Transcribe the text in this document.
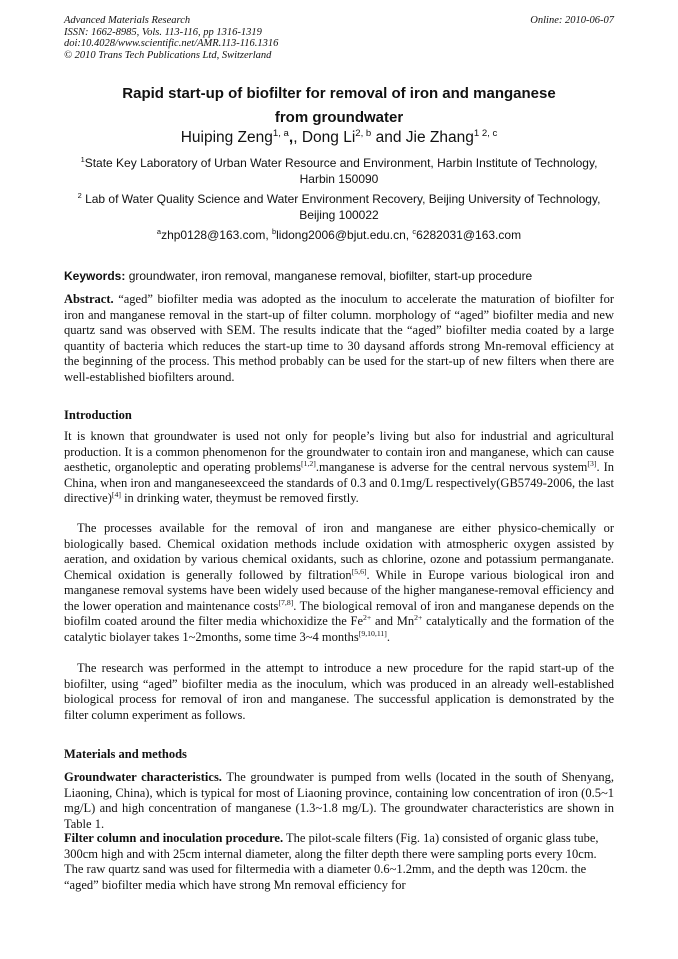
Advanced Materials Research
ISSN: 1662-8985, Vols. 113-116, pp 1316-1319
doi:10.4028/www.scientific.net/AMR.113-116.1316
© 2010 Trans Tech Publications Ltd, Switzerland
Online: 2010-06-07
Rapid start-up of biofilter for removal of iron and manganese
from groundwater
Huiping Zeng$^{1, a}$,, Dong Li$^{2, b}$ and Jie Zhang$^{1 2, c}$
$^1$State Key Laboratory of Urban Water Resource and Environment, Harbin Institute of Technology, Harbin 150090
$^2$ Lab of Water Quality Science and Water Environment Recovery, Beijing University of Technology, Beijing 100022
$^a$zhp0128@163.com, $^b$lidong2006@bjut.edu.cn, $^c$6282031@163.com
Keywords: groundwater, iron removal, manganese removal, biofilter, start-up procedure
Abstract. “aged” biofilter media was adopted as the inoculum to accelerate the maturation of biofilter for iron and manganese removal in the start-up of filter column. morphology of “aged” biofilter media and new quartz sand was observed with SEM. The results indicate that the “aged” biofilter media coated by a large quantity of bacteria which reduces the start-up time to 30 daysand affords strong Mn-removal efficiency at the beginning of the process. This method probably can be used for the start-up of new filters when there are well-established biofilters around.
Introduction
It is known that groundwater is used not only for people’s living but also for industrial and agricultural production. It is a common phenomenon for the groundwater to contain iron and manganese, which can cause aesthetic, organoleptic and operating problems[1,2].manganese is adverse for the central nervous system[3]. In China, when iron and manganeseexceed the standards of 0.3 and 0.1mg/L respectively(GB5749-2006, the last directive)[4] in drinking water, theymust be removed firstly.
The processes available for the removal of iron and manganese are either physico-chemically or biologically based. Chemical oxidation methods include oxidation with atmospheric oxygen assisted by aeration, and oxidation by various chemical oxidants, such as chlorine, ozone and potassium permanganate. Chemical oxidation is generally followed by filtration[5,6]. While in Europe various biological iron and manganese removal systems have been widely used because of the higher manganese-removal efficiency and the lower operation and maintenance costs[7,8]. The biological removal of iron and manganese depends on the biofilm coated around the filter media whichoxidize the $Fe^{2+}$ and $Mn^{2+}$ catalytically and the formation of the catalytic biolayer takes 1~2months, some time 3~4 months[9,10,11].
The research was performed in the attempt to introduce a new procedure for the rapid start-up of the biofilter, using “aged” biofilter media as the inoculum, which was produced in an already well-established biological process for removal of iron and manganese. The successful application is demonstrated by the filter column experiment as follows.
Materials and methods
Groundwater characteristics. The groundwater is pumped from wells (located in the south of Shenyang, Liaoning, China), which is typical for most of Liaoning province, containing low concentration of iron (0.5~1 mg/L) and high concentration of manganese (1.3~1.8 mg/L). The groundwater characteristics are shown in Table 1.
Filter column and inoculation procedure. The pilot-scale filters (Fig. 1a) consisted of organic glass tube, 300cm high and with 25cm internal diameter, along the filter depth there were sampling ports every 10cm. The raw quartz sand was used for filtermedia with a diameter 0.6~1.2mm, and the depth was 120cm. the “aged” biofilter media which have strong Mn removal efficiency for
